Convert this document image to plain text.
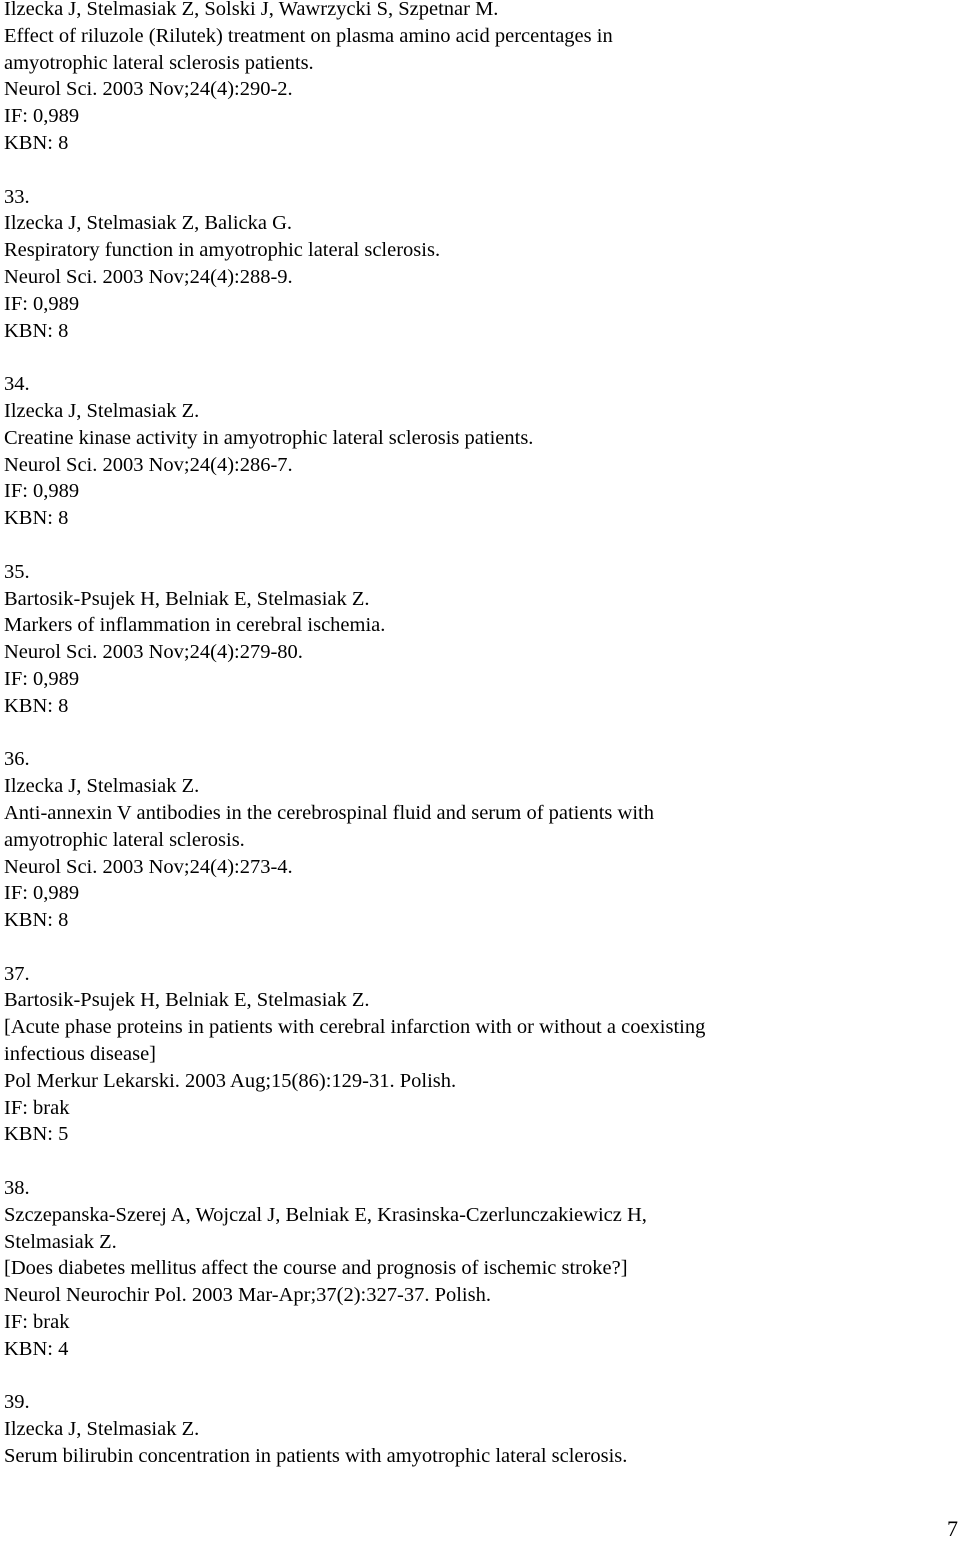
Ilzecka J, Stelmasiak Z, Solski J, Wawrzycki S, Szpetnar M.
Effect of riluzole (Rilutek) treatment on plasma amino acid percentages in
amyotrophic lateral sclerosis patients.
Neurol Sci. 2003 Nov;24(4):290-2.
IF: 0,989
KBN: 8
33.
Ilzecka J, Stelmasiak Z, Balicka G.
Respiratory function in amyotrophic lateral sclerosis.
Neurol Sci. 2003 Nov;24(4):288-9.
IF: 0,989
KBN: 8
34.
Ilzecka J, Stelmasiak Z.
Creatine kinase activity in amyotrophic lateral sclerosis patients.
Neurol Sci. 2003 Nov;24(4):286-7.
IF: 0,989
KBN: 8
35.
Bartosik-Psujek H, Belniak E, Stelmasiak Z.
Markers of inflammation in cerebral ischemia.
Neurol Sci. 2003 Nov;24(4):279-80.
IF: 0,989
KBN: 8
36.
Ilzecka J, Stelmasiak Z.
Anti-annexin V antibodies in the cerebrospinal fluid and serum of patients with
amyotrophic lateral sclerosis.
Neurol Sci. 2003 Nov;24(4):273-4.
IF: 0,989
KBN: 8
37.
Bartosik-Psujek H, Belniak E, Stelmasiak Z.
[Acute phase proteins in patients with cerebral infarction with or without a coexisting
infectious disease]
Pol Merkur Lekarski. 2003 Aug;15(86):129-31. Polish.
IF: brak
KBN: 5
38.
Szczepanska-Szerej A, Wojczal J, Belniak E, Krasinska-Czerlunczakiewicz H,
Stelmasiak Z.
[Does diabetes mellitus affect the course and prognosis of ischemic stroke?]
Neurol Neurochir Pol. 2003 Mar-Apr;37(2):327-37. Polish.
IF: brak
KBN: 4
39.
Ilzecka J, Stelmasiak Z.
Serum bilirubin concentration in patients with amyotrophic lateral sclerosis.
7
